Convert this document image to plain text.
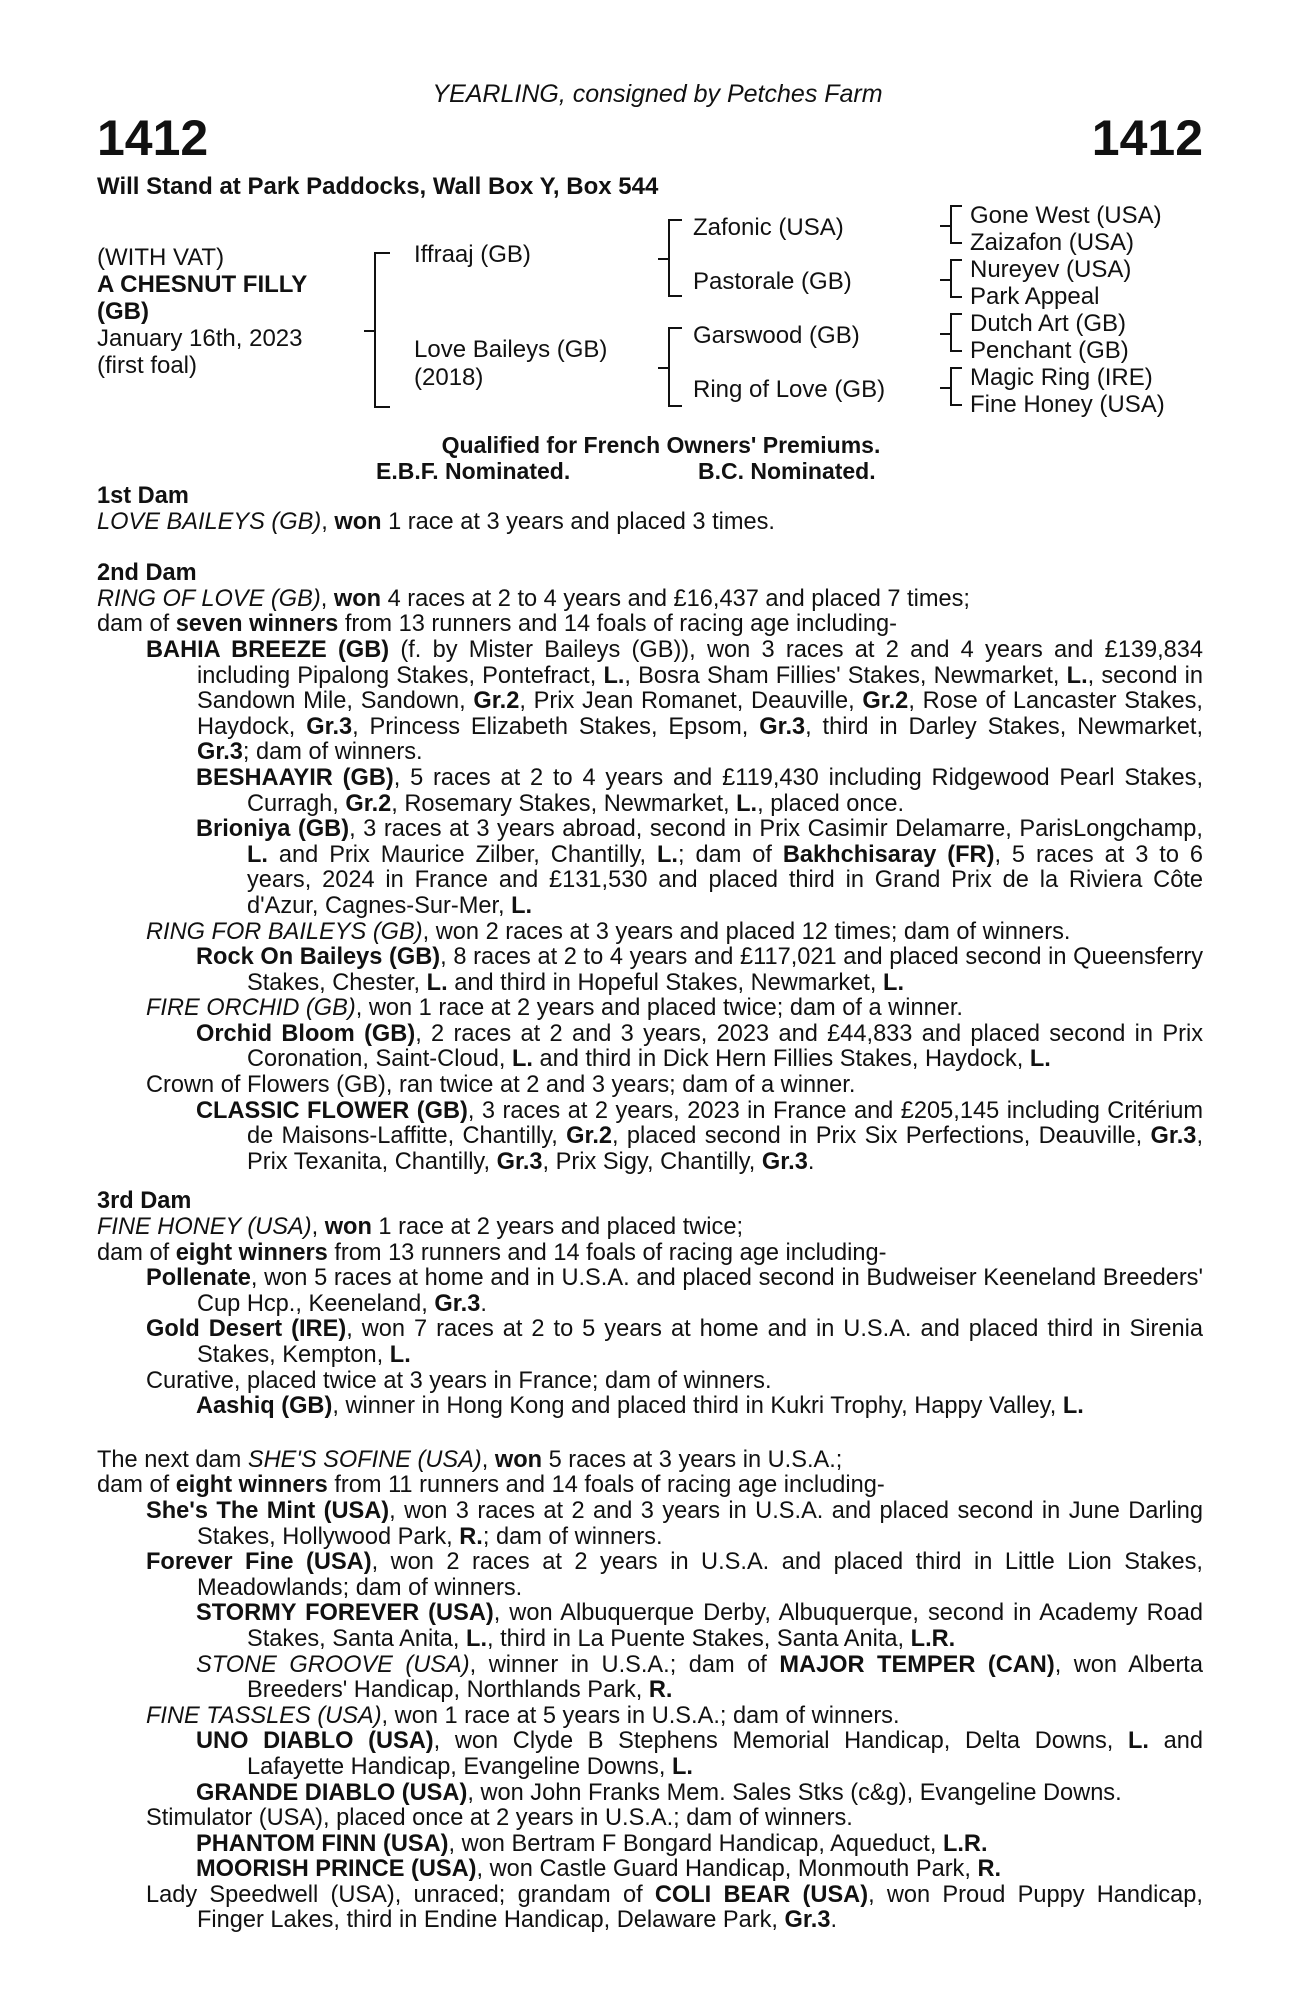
YEARLING, consigned by Petches Farm
1412	1412
Will Stand at Park Paddocks, Wall Box Y, Box 544
(WITH VAT)
A CHESNUT FILLY
(GB)
January 16th, 2023
(first foal)
Iffraaj (GB)
Love Baileys (GB)
(2018)
Zafonic (USA)
Pastorale (GB)
Garswood (GB)
Ring of Love (GB)
Gone West (USA)
Zaizafon (USA)
Nureyev (USA)
Park Appeal
Dutch Art (GB)
Penchant (GB)
Magic Ring (IRE)
Fine Honey (USA)
Qualified for French Owners' Premiums.
E.B.F. Nominated.	B.C. Nominated.
1st Dam
LOVE BAILEYS (GB), won 1 race at 3 years and placed 3 times.
2nd Dam
RING OF LOVE (GB), won 4 races at 2 to 4 years and £16,437 and placed 7 times;
dam of seven winners from 13 runners and 14 foals of racing age including-
BAHIA BREEZE (GB) (f. by Mister Baileys (GB)), won 3 races at 2 and 4 years and £139,834 including Pipalong Stakes, Pontefract, L., Bosra Sham Fillies' Stakes, Newmarket, L., second in Sandown Mile, Sandown, Gr.2, Prix Jean Romanet, Deauville, Gr.2, Rose of Lancaster Stakes, Haydock, Gr.3, Princess Elizabeth Stakes, Epsom, Gr.3, third in Darley Stakes, Newmarket, Gr.3; dam of winners.
BESHAAYIR (GB), 5 races at 2 to 4 years and £119,430 including Ridgewood Pearl Stakes, Curragh, Gr.2, Rosemary Stakes, Newmarket, L., placed once.
Brioniya (GB), 3 races at 3 years abroad, second in Prix Casimir Delamarre, ParisLongchamp, L. and Prix Maurice Zilber, Chantilly, L.; dam of Bakhchisaray (FR), 5 races at 3 to 6 years, 2024 in France and £131,530 and placed third in Grand Prix de la Riviera Côte d'Azur, Cagnes-Sur-Mer, L.
RING FOR BAILEYS (GB), won 2 races at 3 years and placed 12 times; dam of winners.
Rock On Baileys (GB), 8 races at 2 to 4 years and £117,021 and placed second in Queensferry Stakes, Chester, L. and third in Hopeful Stakes, Newmarket, L.
FIRE ORCHID (GB), won 1 race at 2 years and placed twice; dam of a winner.
Orchid Bloom (GB), 2 races at 2 and 3 years, 2023 and £44,833 and placed second in Prix Coronation, Saint-Cloud, L. and third in Dick Hern Fillies Stakes, Haydock, L.
Crown of Flowers (GB), ran twice at 2 and 3 years; dam of a winner.
CLASSIC FLOWER (GB), 3 races at 2 years, 2023 in France and £205,145 including Critérium de Maisons-Laffitte, Chantilly, Gr.2, placed second in Prix Six Perfections, Deauville, Gr.3, Prix Texanita, Chantilly, Gr.3, Prix Sigy, Chantilly, Gr.3.
3rd Dam
FINE HONEY (USA), won 1 race at 2 years and placed twice;
dam of eight winners from 13 runners and 14 foals of racing age including-
Pollenate, won 5 races at home and in U.S.A. and placed second in Budweiser Keeneland Breeders' Cup Hcp., Keeneland, Gr.3.
Gold Desert (IRE), won 7 races at 2 to 5 years at home and in U.S.A. and placed third in Sirenia Stakes, Kempton, L.
Curative, placed twice at 3 years in France; dam of winners.
Aashiq (GB), winner in Hong Kong and placed third in Kukri Trophy, Happy Valley, L.
The next dam SHE'S SOFINE (USA), won 5 races at 3 years in U.S.A.;
dam of eight winners from 11 runners and 14 foals of racing age including-
She's The Mint (USA), won 3 races at 2 and 3 years in U.S.A. and placed second in June Darling Stakes, Hollywood Park, R.; dam of winners.
Forever Fine (USA), won 2 races at 2 years in U.S.A. and placed third in Little Lion Stakes, Meadowlands; dam of winners.
STORMY FOREVER (USA), won Albuquerque Derby, Albuquerque, second in Academy Road Stakes, Santa Anita, L., third in La Puente Stakes, Santa Anita, L.R.
STONE GROOVE (USA), winner in U.S.A.; dam of MAJOR TEMPER (CAN), won Alberta Breeders' Handicap, Northlands Park, R.
FINE TASSLES (USA), won 1 race at 5 years in U.S.A.; dam of winners.
UNO DIABLO (USA), won Clyde B Stephens Memorial Handicap, Delta Downs, L. and Lafayette Handicap, Evangeline Downs, L.
GRANDE DIABLO (USA), won John Franks Mem. Sales Stks (c&g), Evangeline Downs.
Stimulator (USA), placed once at 2 years in U.S.A.; dam of winners.
PHANTOM FINN (USA), won Bertram F Bongard Handicap, Aqueduct, L.R.
MOORISH PRINCE (USA), won Castle Guard Handicap, Monmouth Park, R.
Lady Speedwell (USA), unraced; grandam of COLI BEAR (USA), won Proud Puppy Handicap, Finger Lakes, third in Endine Handicap, Delaware Park, Gr.3.
